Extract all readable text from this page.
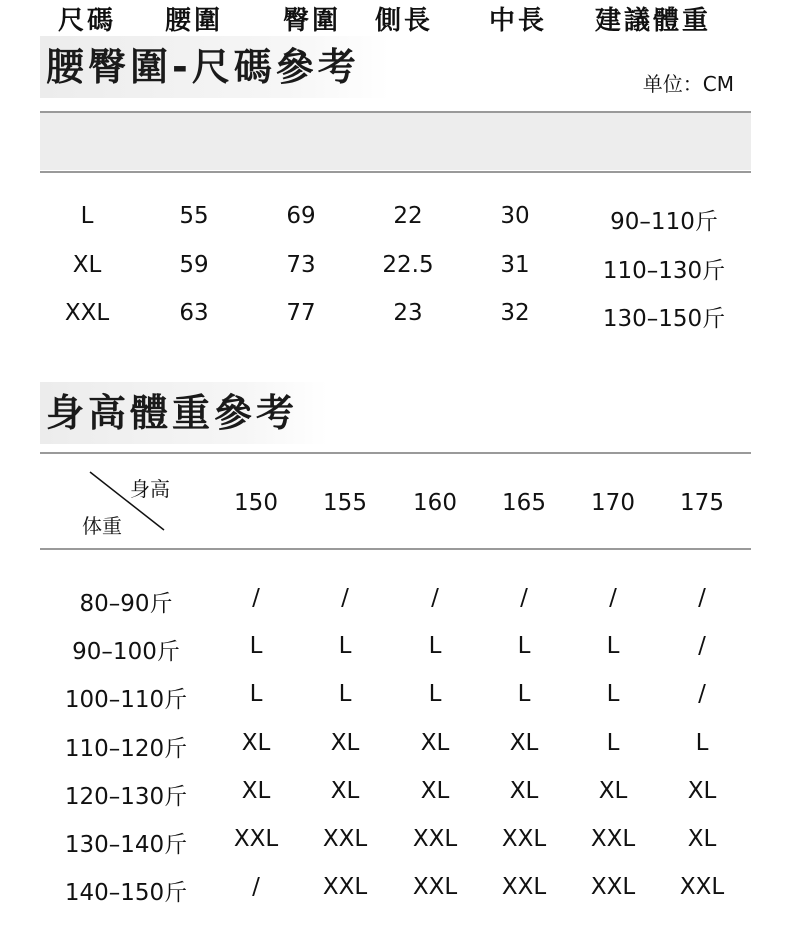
腰臀圍-尺碼參考	单位：CM
尺碼 腰圍 臀圍 側長 中長 建議體重
L	55	69	22	30	90–110斤
XL	59	73	22.5	31	110–130斤
XXL	63	77	23	32	130–150斤
身高體重參考
身高
体重
150 155 160 165 170 175
80–90斤	/	/	/	/	/	/
90–100斤	L	L	L	L	L	/
100–110斤	L	L	L	L	L	/
110–120斤 XL	XL	XL	XL	L	L
120–130斤 XL	XL	XL	XL	XL	XL
130–140斤 XXL XXL XXL XXL XXL XL
140–150斤	/	XXL XXL XXL XXL XXL
